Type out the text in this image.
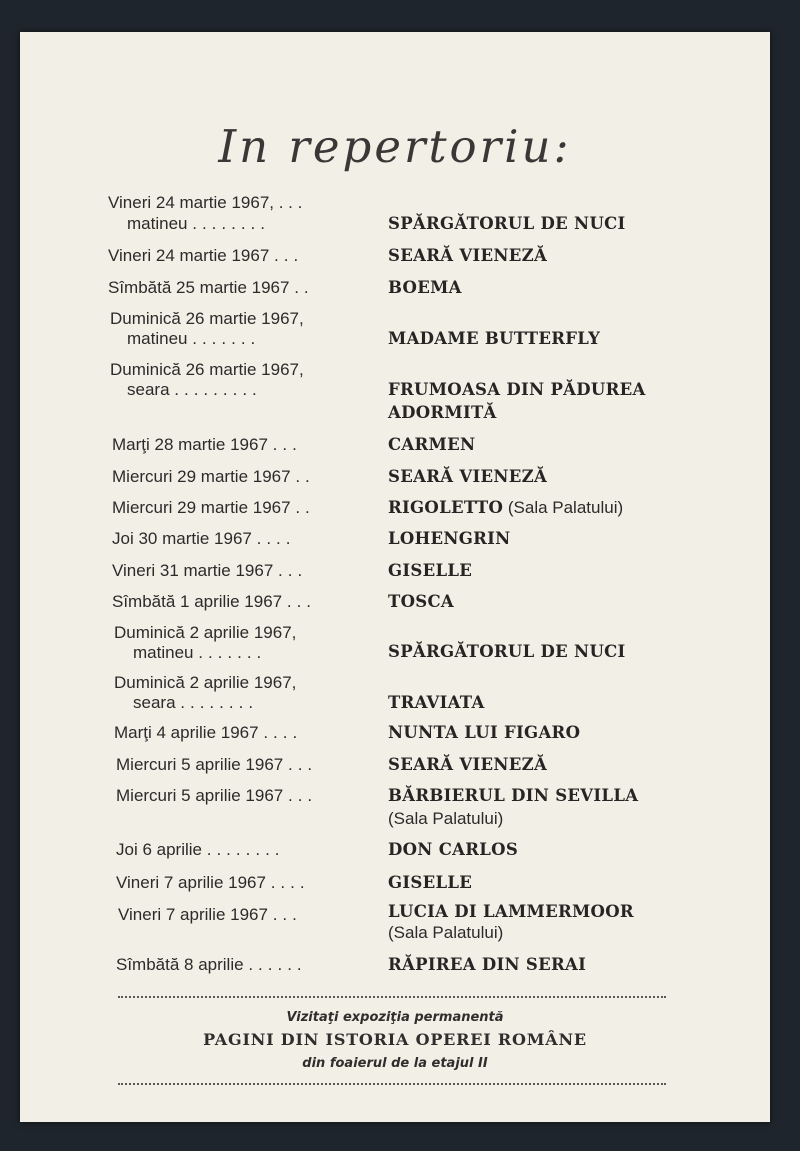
In repertoriu:
Vineri 24 martie 1967, . . .
matineu ........	SPĂRGĂTORUL DE NUCI
Vineri 24 martie 1967 ...	SEARĂ VIENEZĂ
Sîmbătă 25 martie 1967 ..	BOEMA
Duminică 26 martie 1967,
matineu .......	MADAME BUTTERFLY
Duminică 26 martie 1967,
seara .........	FRUMOASA DIN PĂDUREA
ADORMITĂ
Marţi 28 martie 1967 ...	CARMEN
Miercuri 29 martie 1967 ..	SEARĂ VIENEZĂ
Miercuri 29 martie 1967 ..	RIGOLETTO (Sala Palatului)
Joi 30 martie 1967 ....	LOHENGRIN
Vineri 31 martie 1967 ...	GISELLE
Sîmbătă 1 aprilie 1967 ...	TOSCA
Duminică 2 aprilie 1967,
matineu .......	SPĂRGĂTORUL DE NUCI
Duminică 2 aprilie 1967,
seara ........	TRAVIATA
Marţi 4 aprilie 1967 ....	NUNTA LUI FIGARO
Miercuri 5 aprilie 1967 ...	SEARĂ VIENEZĂ
Miercuri 5 aprilie 1967 ...	BĂRBIERUL DIN SEVILLA
(Sala Palatului)
Joi 6 aprilie ........	DON CARLOS
Vineri 7 aprilie 1967 ....	GISELLE
Vineri 7 aprilie 1967 ...	LUCIA DI LAMMERMOOR
(Sala Palatului)
Sîmbătă 8 aprilie ......	RĂPIREA DIN SERAI
Vizitaţi expoziţia permanentă
PAGINI DIN ISTORIA OPEREI ROMÂNE
din foaierul de la etajul II
